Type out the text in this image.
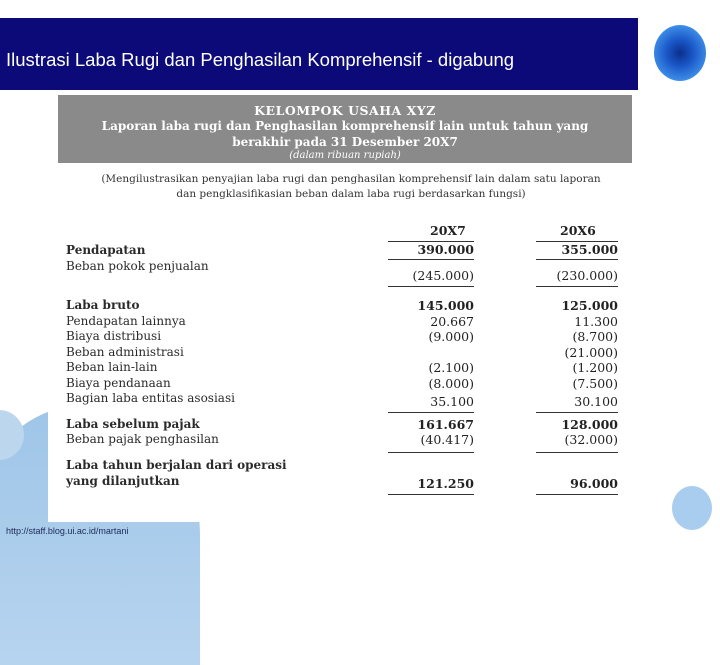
Ilustrasi Laba Rugi dan Penghasilan Komprehensif - digabung
KELOMPOK USAHA XYZ
Laporan laba rugi dan Penghasilan komprehensif lain untuk tahun yang
berakhir pada 31 Desember 20X7
(dalam ribuan rupiah)
(Mengilustrasikan penyajian laba rugi dan penghasilan komprehensif lain dalam satu laporan
dan pengklasifikasian beban dalam laba rugi berdasarkan fungsi)
20X7	20X6
Pendapatan
Beban pokok penjualan
Laba bruto
Pendapatan lainnya
Biaya distribusi
Beban administrasi
Beban lain-lain
Biaya pendanaan
Bagian laba entitas asosiasi
Laba sebelum pajak
Beban pajak penghasilan
Laba tahun berjalan dari operasi
yang dilanjutkan
390.000
(245.000)
145.000
20.667
(9.000)
(2.100)
(8.000)
35.100
161.667
(40.417)
121.250
355.000
(230.000)
125.000
11.300
(8.700)
(21.000)
(1.200)
(7.500)
30.100
128.000
(32.000)
96.000
http://staff.blog.ui.ac.id/martani
